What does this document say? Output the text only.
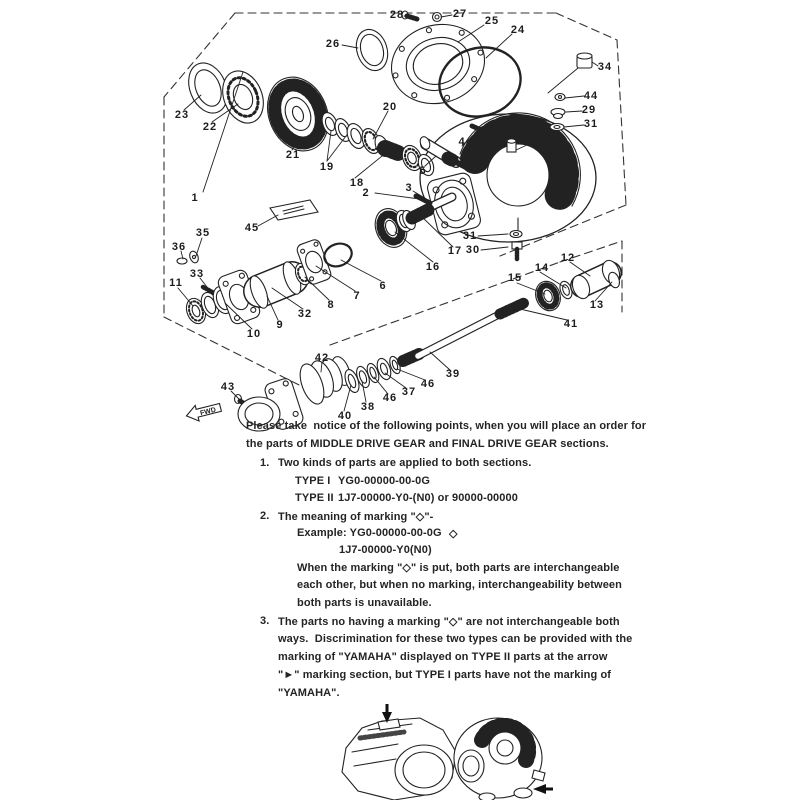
FWD
1	2	3
4
5
6
7
8
9
10
11
12
13
14
15
16
17
18
19
20
21
22
23
24
25
26
27
28
29
30
31
31
32
33
34
35
36
37
38
39
40
41
42
43
44
45
46
46
Please take  notice of the following points, when you will place an order for
the parts of MIDDLE DRIVE GEAR and FINAL DRIVE GEAR sections.
1. Two kinds of parts are applied to both sections.
TYPE I YG0-00000-00-0G
TYPE II 1J7-00000-Y0-(N0) or 90000-00000
2. The meaning of marking "◇"-
Example: YG0-00000-00-0G ◇
1J7-00000-Y0(N0)
When the marking "◇" is put, both parts are interchangeable
each other, but when no marking, interchangeability between
both parts is unavailable.
3. The parts no having a marking "◇" are not interchangeable both
ways.  Discrimination for these two types can be provided with the
marking of "YAMAHA" displayed on TYPE II parts at the arrow
"►" marking section, but TYPE I parts have not the marking of
"YAMAHA".
